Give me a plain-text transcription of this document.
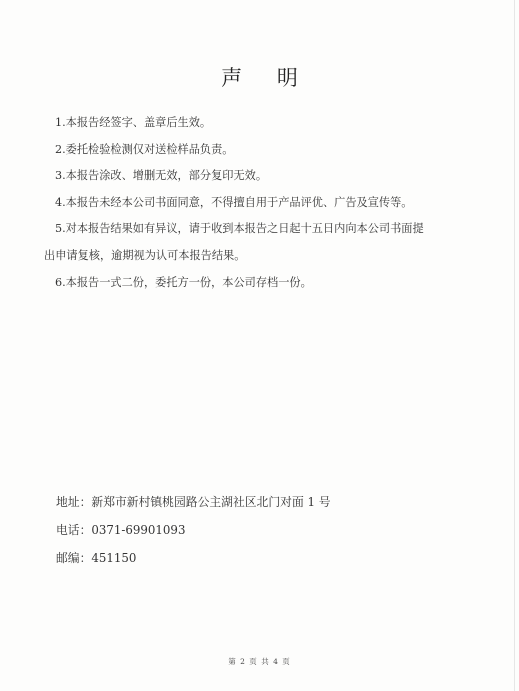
声 明
1.本报告经签字、盖章后生效。
2.委托检验检测仅对送检样品负责。
3.本报告涂改、增删无效，部分复印无效。
4.本报告未经本公司书面同意，不得擅自用于产品评优、广告及宣传等。
5.对本报告结果如有异议，请于收到本报告之日起十五日内向本公司书面提
出申请复核，逾期视为认可本报告结果。
6.本报告一式二份，委托方一份，本公司存档一份。
地址：新郑市新村镇桃园路公主湖社区北门对面 1 号
电话：0371-69901093
邮编：451150
第 2 页 共 4 页
